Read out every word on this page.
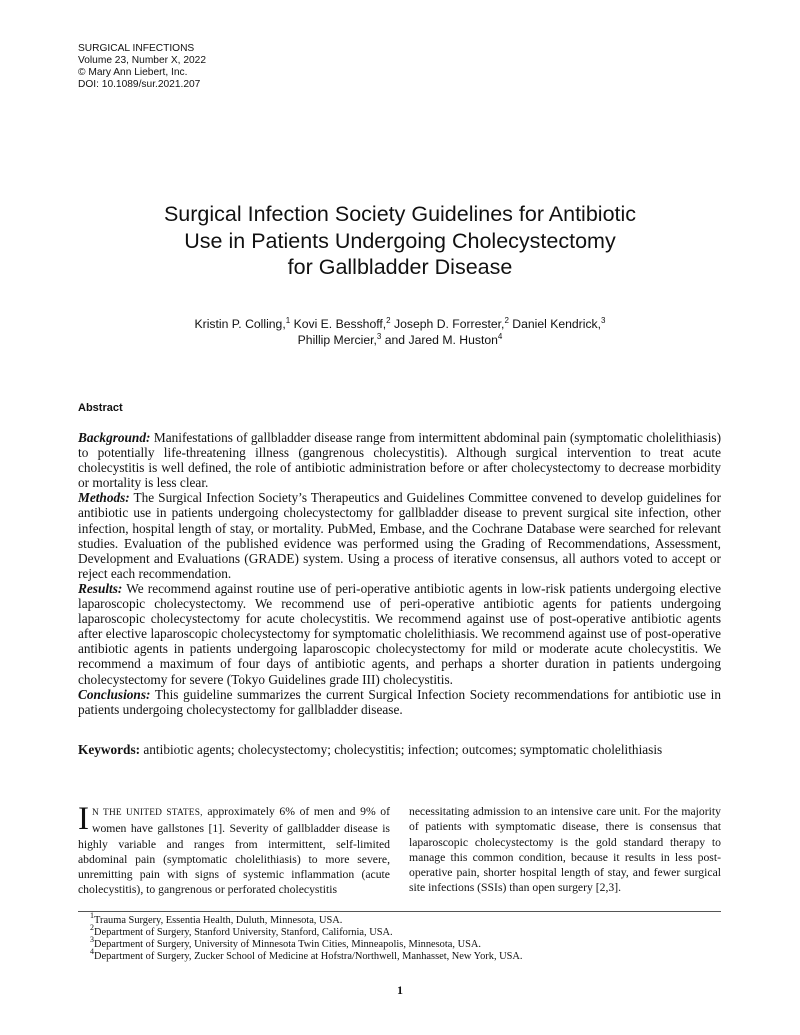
SURGICAL INFECTIONS
Volume 23, Number X, 2022
© Mary Ann Liebert, Inc.
DOI: 10.1089/sur.2021.207
Surgical Infection Society Guidelines for Antibiotic
Use in Patients Undergoing Cholecystectomy
for Gallbladder Disease
Kristin P. Colling,$^1$ Kovi E. Besshoff,$^2$ Joseph D. Forrester,$^2$ Daniel Kendrick,$^3$
Phillip Mercier,$^3$ and Jared M. Huston$^4$
Abstract

Background: Manifestations of gallbladder disease range from intermittent abdominal pain (symptomatic cholelithiasis) to potentially life-threatening illness (gangrenous cholecystitis). Although surgical intervention to treat acute cholecystitis is well defined, the role of antibiotic administration before or after cholecystectomy to decrease morbidity or mortality is less clear.

Methods: The Surgical Infection Society’s Therapeutics and Guidelines Committee convened to develop guidelines for antibiotic use in patients undergoing cholecystectomy for gallbladder disease to prevent surgical site infection, other infection, hospital length of stay, or mortality. PubMed, Embase, and the Cochrane Database were searched for relevant studies. Evaluation of the published evidence was performed using the Grading of Recommendations, Assessment, Development and Evaluations (GRADE) system. Using a process of iterative consensus, all authors voted to accept or reject each recommendation.

Results: We recommend against routine use of peri-operative antibiotic agents in low-risk patients undergoing elective laparoscopic cholecystectomy. We recommend use of peri-operative antibiotic agents for patients undergoing laparoscopic cholecystectomy for acute cholecystitis. We recommend against use of post-operative antibiotic agents after elective laparoscopic cholecystectomy for symptomatic cholelithiasis. We recommend against use of post-operative antibiotic agents in patients undergoing laparoscopic cholecystectomy for mild or moderate acute cholecystitis. We recommend a maximum of four days of antibiotic agents, and perhaps a shorter duration in patients undergoing cholecystectomy for severe (Tokyo Guidelines grade III) cholecystitis.

Conclusions: This guideline summarizes the current Surgical Infection Society recommendations for antibiotic use in patients undergoing cholecystectomy for gallbladder disease.

Keywords: antibiotic agents; cholecystectomy; cholecystitis; infection; outcomes; symptomatic cholelithiasis

I N THE UNITED STATES, approximately 6% of men and 9% of women have gallstones [1]. Severity of gallbladder disease is highly variable and ranges from intermittent, self-limited abdominal pain (symptomatic cholelithiasis) to more severe, unremitting pain with signs of systemic inflammation (acute cholecystitis), to gangrenous or perforated cholecystitis

necessitating admission to an intensive care unit. For the majority of patients with symptomatic disease, there is consensus that laparoscopic cholecystectomy is the gold standard therapy to manage this common condition, because it results in less post-operative pain, shorter hospital length of stay, and fewer surgical site infections (SSIs) than open surgery [2,3].

$^1$Trauma Surgery, Essentia Health, Duluth, Minnesota, USA.
$^2$Department of Surgery, Stanford University, Stanford, California, USA.
$^3$Department of Surgery, University of Minnesota Twin Cities, Minneapolis, Minnesota, USA.
$^4$Department of Surgery, Zucker School of Medicine at Hofstra/Northwell, Manhasset, New York, USA.
1
